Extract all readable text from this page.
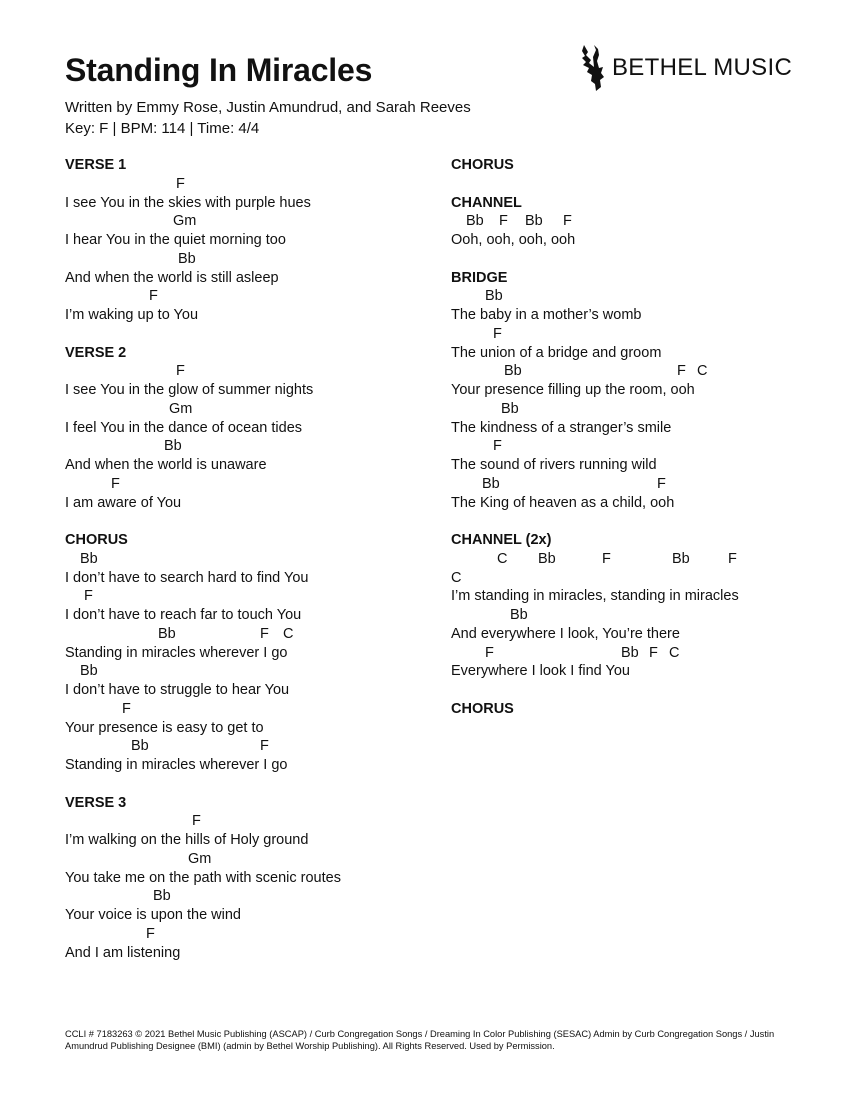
Standing In Miracles
Written by Emmy Rose, Justin Amundrud, and Sarah Reeves
Key: F | BPM: 114 | Time: 4/4
BETHEL MUSIC
VERSE 1
F
I see You in the skies with purple hues
Gm
I hear You in the quiet morning too
Bb
And when the world is still asleep
F
I’m waking up to You
VERSE 2
F
I see You in the glow of summer nights
Gm
I feel You in the dance of ocean tides
Bb
And when the world is unaware
F
I am aware of You
CHORUS
Bb
I don’t have to search hard to find You
F
I don’t have to reach far to touch You
Bb	F C
Standing in miracles wherever I go
Bb
I don’t have to struggle to hear You
F
Your presence is easy to get to
Bb	F
Standing in miracles wherever I go
VERSE 3
F
I’m walking on the hills of Holy ground
Gm
You take me on the path with scenic routes
Bb
Your voice is upon the wind
F
And I am listening
CHORUS
CHANNEL
Bb F Bb F
Ooh, ooh, ooh, ooh
BRIDGE
Bb
The baby in a mother’s womb
F
The union of a bridge and groom
Bb	F C
Your presence filling up the room, ooh
Bb
The kindness of a stranger’s smile
F
The sound of rivers running wild
Bb	F
The King of heaven as a child, ooh
CHANNEL (2x)
C Bb	F	Bb	F
C
I’m standing in miracles, standing in miracles
Bb
And everywhere I look, You’re there
F	Bb F C
Everywhere I look I find You
CHORUS
CCLI # 7183263 © 2021 Bethel Music Publishing (ASCAP) / Curb Congregation Songs / Dreaming In Color Publishing (SESAC) Admin by Curb Congregation Songs / Justin Amundrud Publishing Designee (BMI) (admin by Bethel Worship Publishing). All Rights Reserved. Used by Permission.
